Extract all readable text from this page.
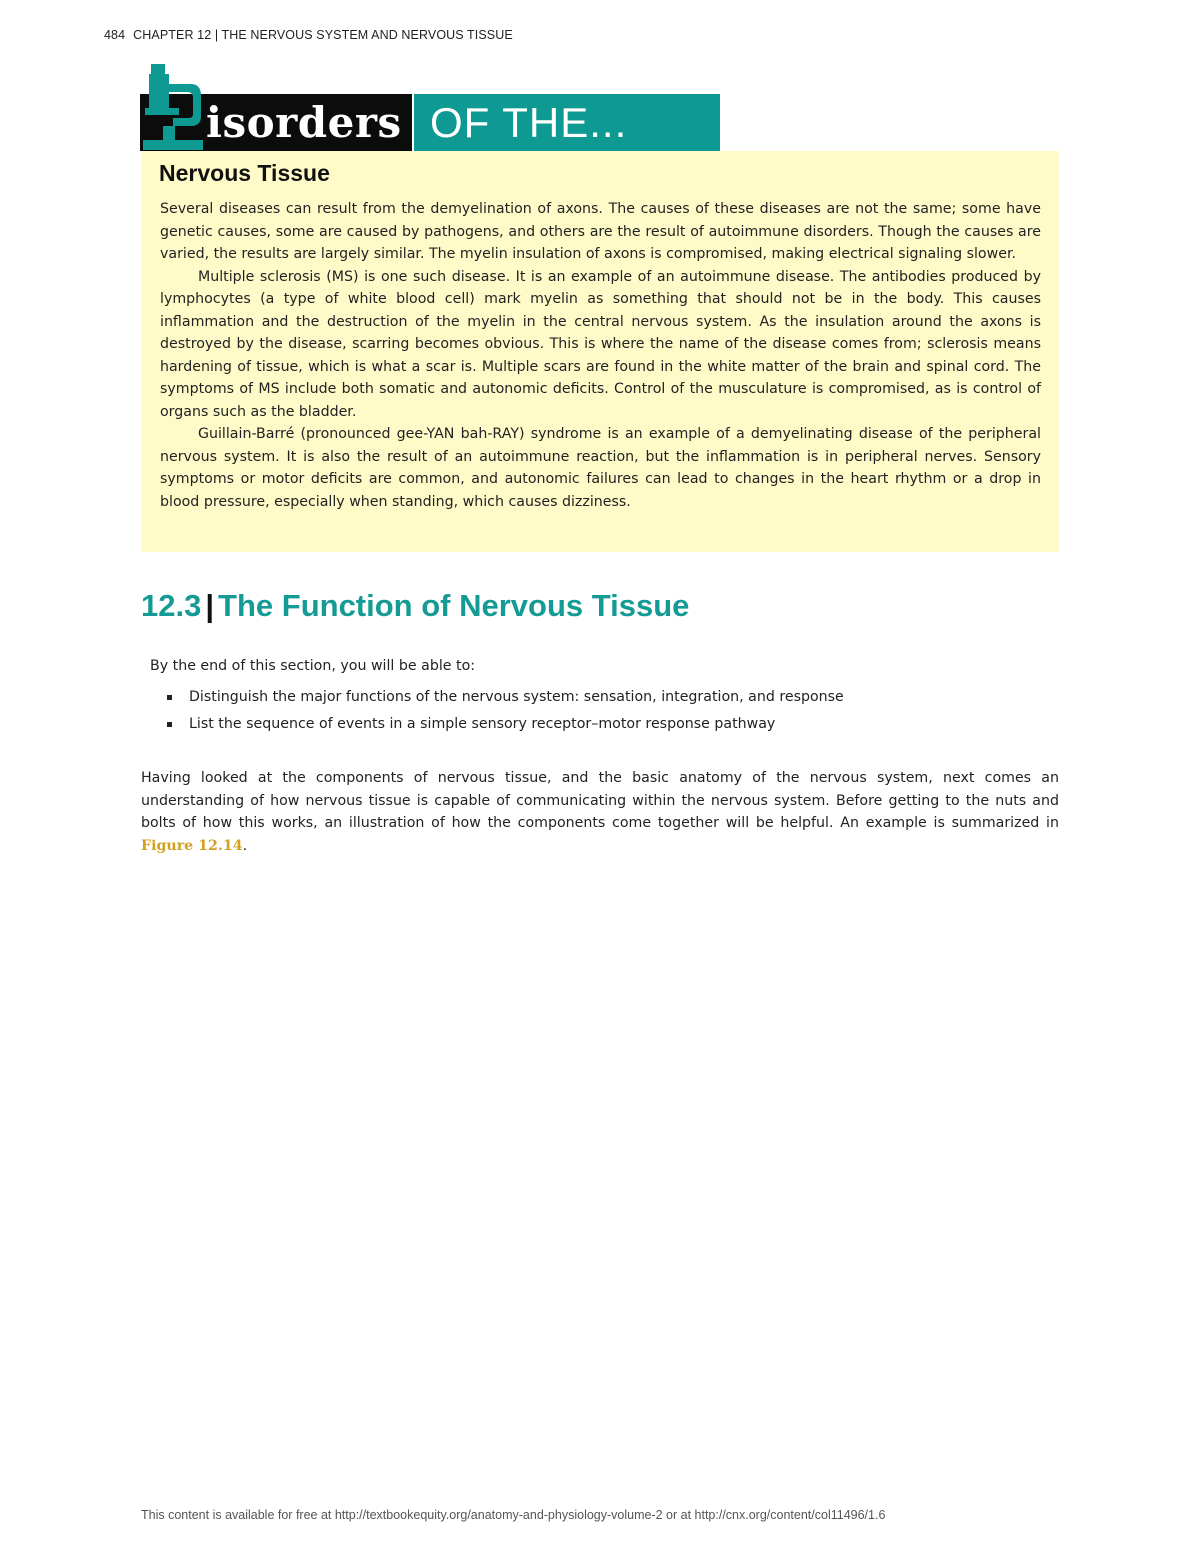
484 CHAPTER 12 | THE NERVOUS SYSTEM AND NERVOUS TISSUE
isorders OF THE...
Nervous Tissue

Several diseases can result from the demyelination of axons. The causes of these diseases are not the same; some have genetic causes, some are caused by pathogens, and others are the result of autoimmune disorders. Though the causes are varied, the results are largely similar. The myelin insulation of axons is compromised, making electrical signaling slower.

Multiple sclerosis (MS) is one such disease. It is an example of an autoimmune disease. The antibodies produced by lymphocytes (a type of white blood cell) mark myelin as something that should not be in the body. This causes inflammation and the destruction of the myelin in the central nervous system. As the insulation around the axons is destroyed by the disease, scarring becomes obvious. This is where the name of the disease comes from; sclerosis means hardening of tissue, which is what a scar is. Multiple scars are found in the white matter of the brain and spinal cord. The symptoms of MS include both somatic and autonomic deficits. Control of the musculature is compromised, as is control of organs such as the bladder.

Guillain-Barré (pronounced gee-YAN bah-RAY) syndrome is an example of a demyelinating disease of the peripheral nervous system. It is also the result of an autoimmune reaction, but the inflammation is in peripheral nerves. Sensory symptoms or motor deficits are common, and autonomic failures can lead to changes in the heart rhythm or a drop in blood pressure, especially when standing, which causes dizziness.

12.3 | The Function of Nervous Tissue
By the end of this section, you will be able to:
Distinguish the major functions of the nervous system: sensation, integration, and response
List the sequence of events in a simple sensory receptor–motor response pathway
Having looked at the components of nervous tissue, and the basic anatomy of the nervous system, next comes an understanding of how nervous tissue is capable of communicating within the nervous system. Before getting to the nuts and bolts of how this works, an illustration of how the components come together will be helpful. An example is summarized in Figure 12.14.
This content is available for free at http://textbookequity.org/anatomy-and-physiology-volume-2 or at http://cnx.org/content/col11496/1.6
